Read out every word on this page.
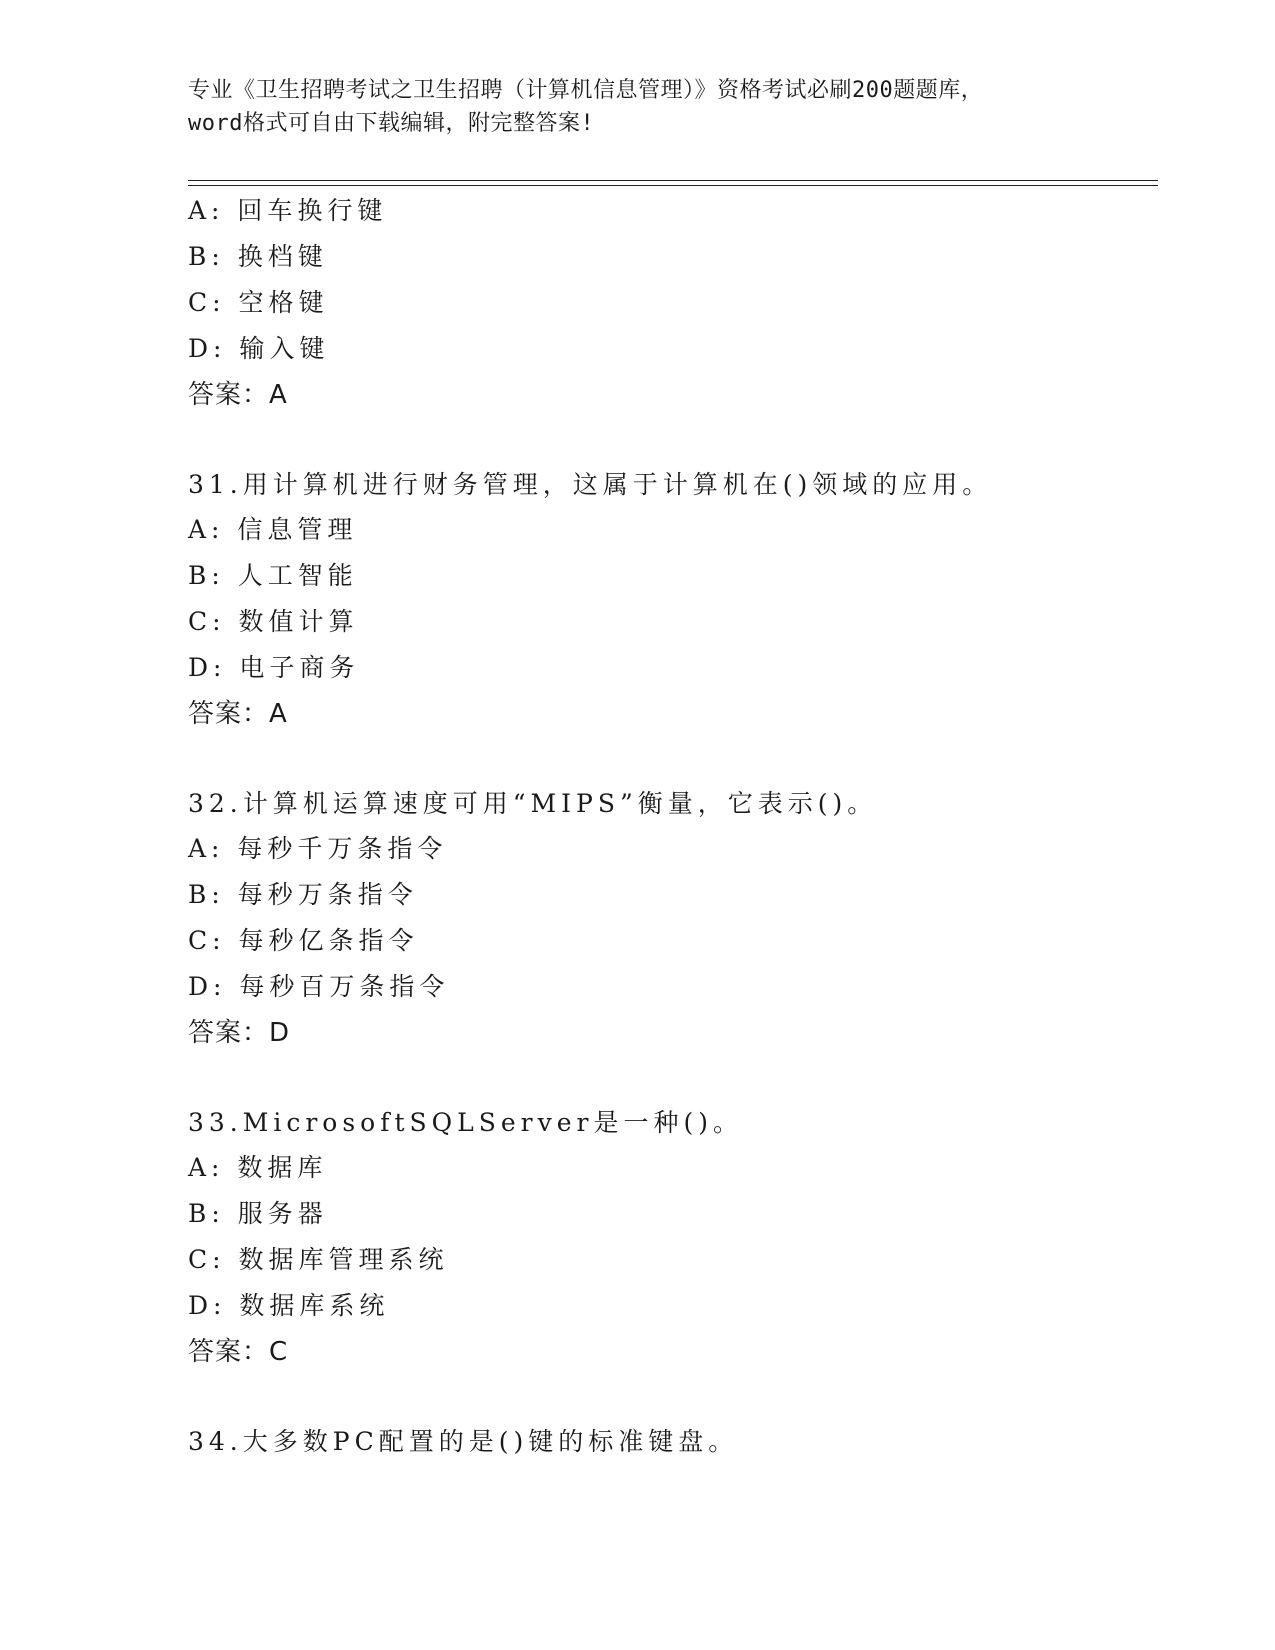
专业《卫生招聘考试之卫生招聘（计算机信息管理）》资格考试必刷200题题库，
word格式可自由下载编辑，附完整答案!
A: 回车换行键
B: 换档键
C: 空格键
D: 输入键
答案：A
31.用计算机进行财务管理，这属于计算机在()领域的应用。
A: 信息管理
B: 人工智能
C: 数值计算
D: 电子商务
答案：A
32.计算机运算速度可用“MIPS”衡量，它表示()。
A: 每秒千万条指令
B: 每秒万条指令
C: 每秒亿条指令
D: 每秒百万条指令
答案：D
33.MicrosoftSQLServer是一种()。
A: 数据库
B: 服务器
C: 数据库管理系统
D: 数据库系统
答案：C
34.大多数PC配置的是()键的标准键盘。
